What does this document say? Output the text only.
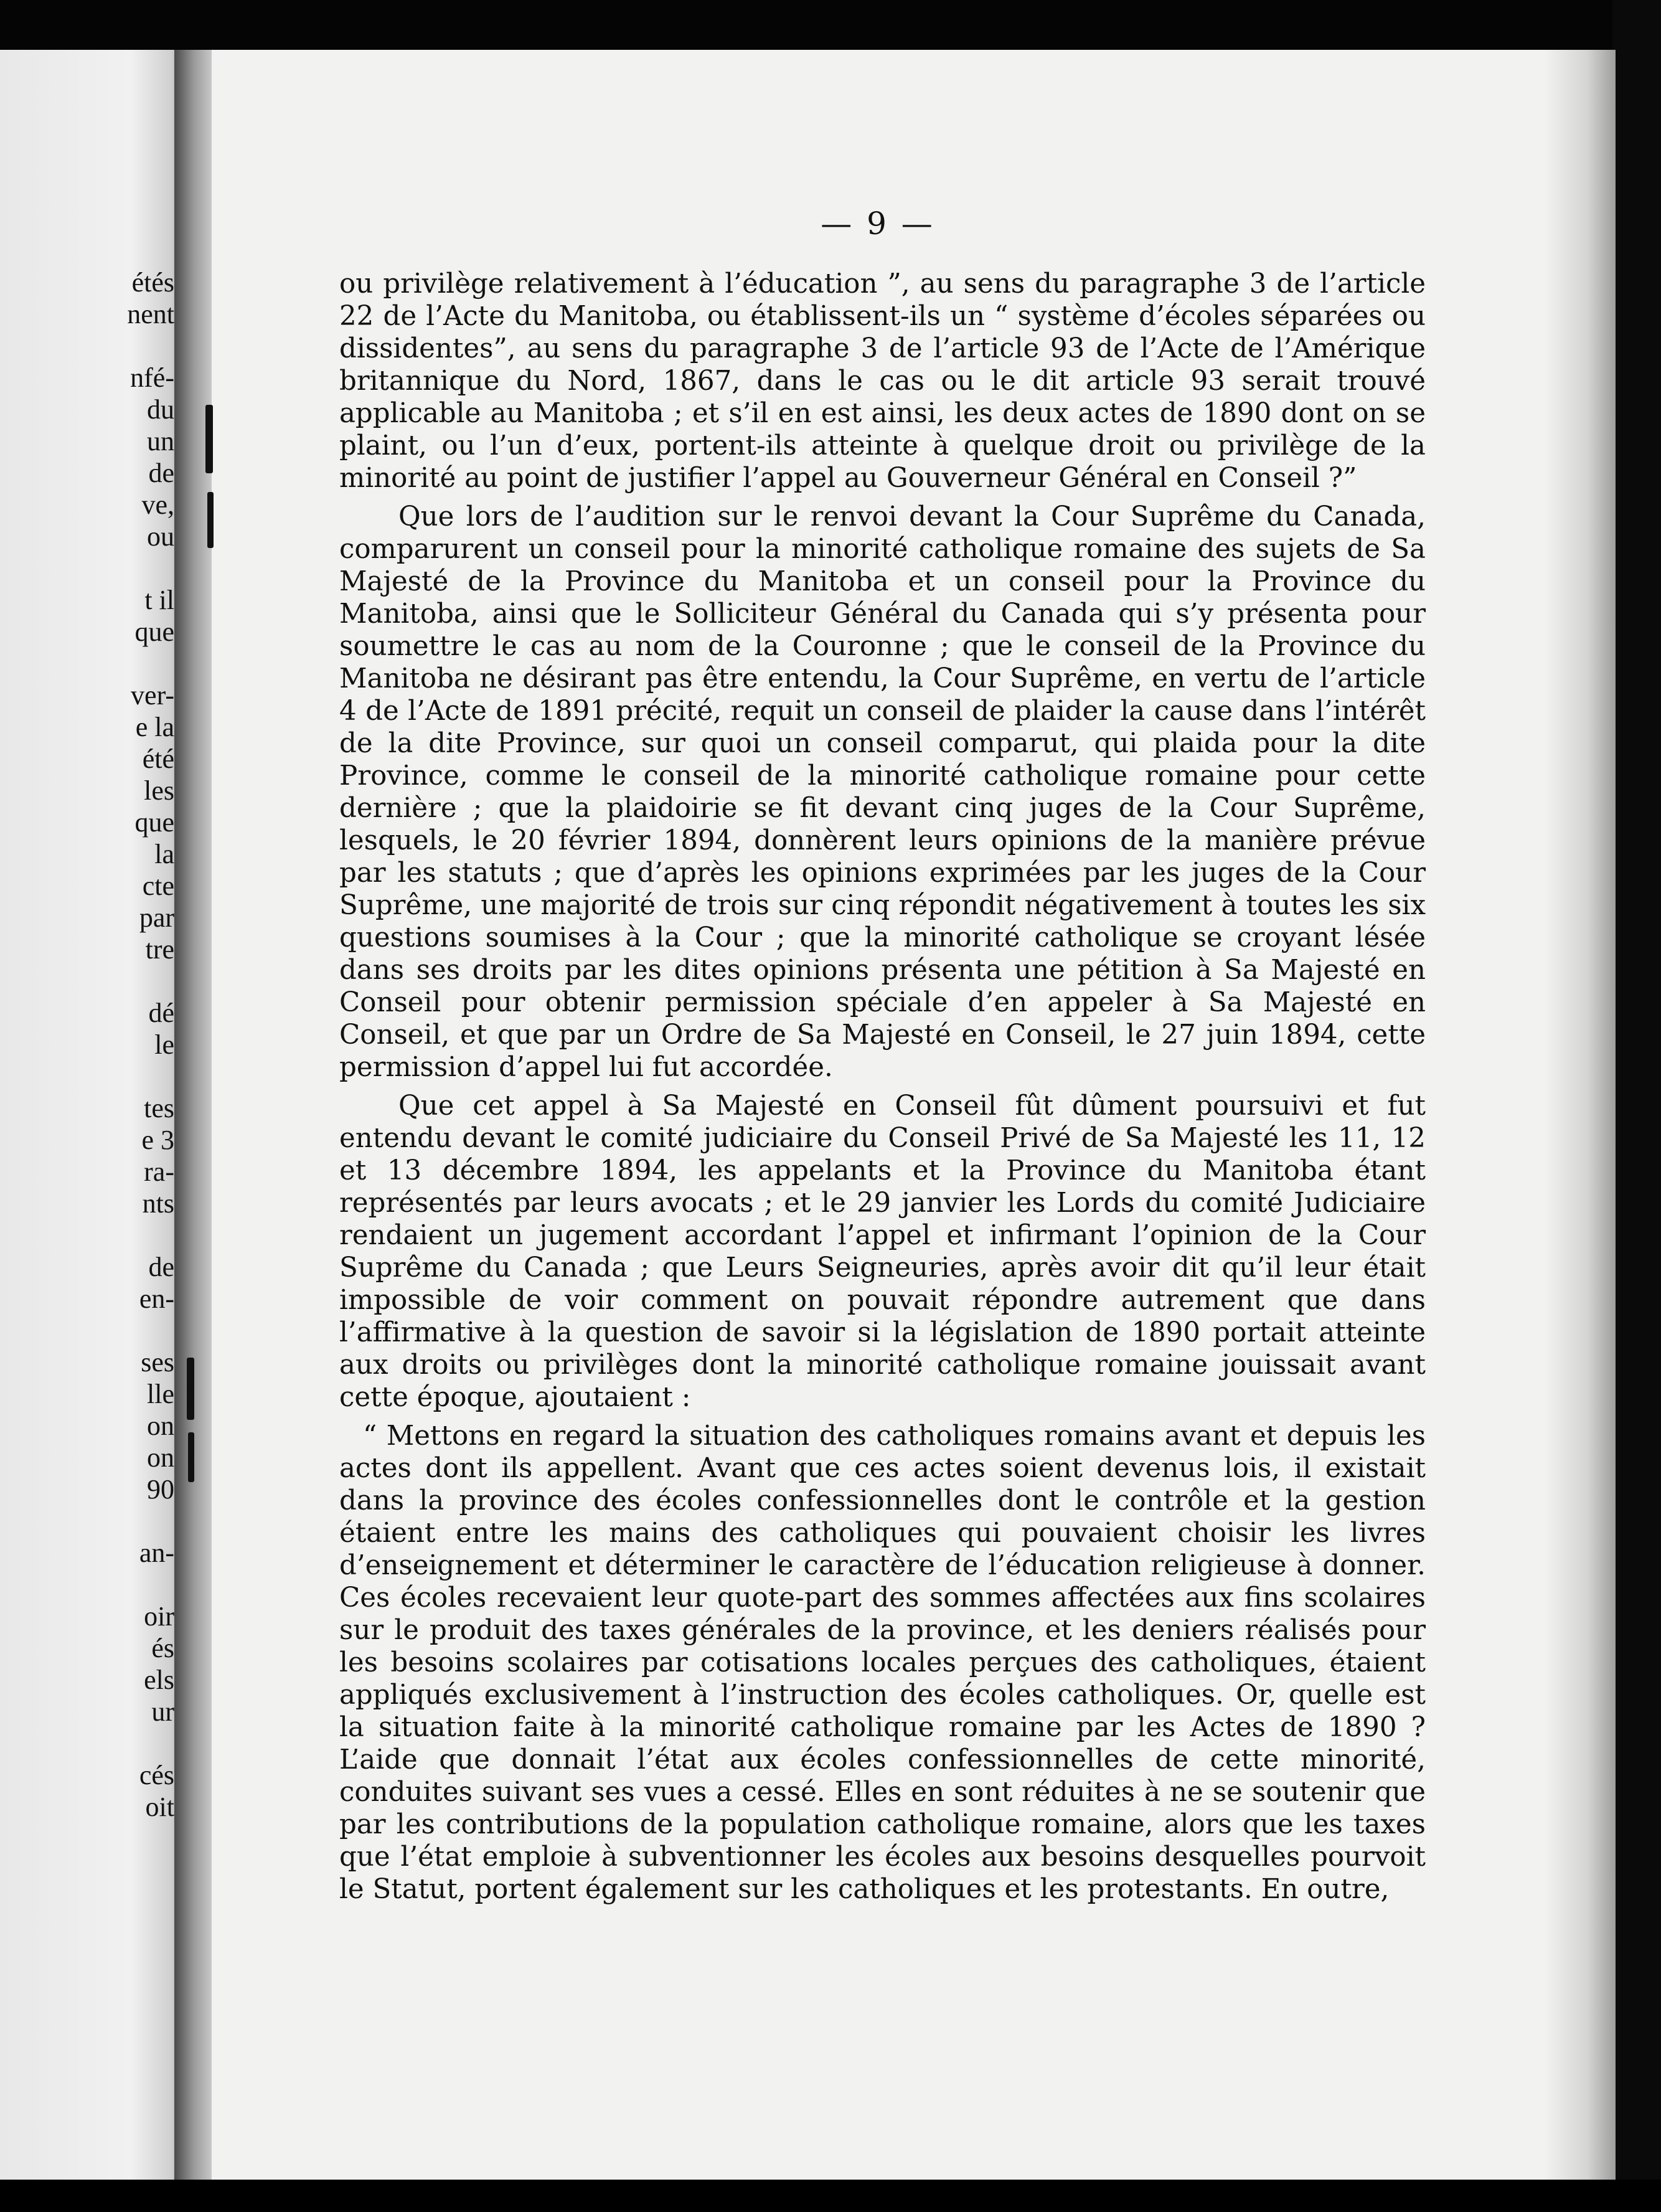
étés
nent
nfé-
du
un
de
ve,
ou
t il
que
ver-
e la
été
les
que
la
cte
par
tre
dé
le
tes
e 3
ra-
nts
de
en-
ses
lle
on
on
90
an-
oir
és
els
ur
cés
oit
— 9 —

ou privilège relativement à l’éducation ”, au sens du paragraphe 3 de l’article 22 de l’Acte du Manitoba, ou établissent-ils un “ système d’écoles séparées ou dissidentes”, au sens du paragraphe 3 de l’article 93 de l’Acte de l’Amérique britannique du Nord, 1867, dans le cas ou le dit article 93 serait trouvé applicable au Manitoba ; et s’il en est ainsi, les deux actes de 1890 dont on se plaint, ou l’un d’eux, portent-ils atteinte à quelque droit ou privilège de la minorité au point de justifier l’appel au Gouverneur Général en Conseil ?”

Que lors de l’audition sur le renvoi devant la Cour Suprême du Canada, comparurent un conseil pour la minorité catholique romaine des sujets de Sa Majesté de la Province du Manitoba et un conseil pour la Province du Manitoba, ainsi que le Solliciteur Général du Canada qui s’y présenta pour soumettre le cas au nom de la Couronne ; que le conseil de la Province du Manitoba ne désirant pas être entendu, la Cour Suprême, en vertu de l’article 4 de l’Acte de 1891 précité, requit un conseil de plaider la cause dans l’intérêt de la dite Province, sur quoi un conseil comparut, qui plaida pour la dite Province, comme le conseil de la minorité catholique romaine pour cette dernière ; que la plaidoirie se fit devant cinq juges de la Cour Suprême, lesquels, le 20 février 1894, donnèrent leurs opinions de la manière prévue par les statuts ; que d’après les opinions exprimées par les juges de la Cour Suprême, une majorité de trois sur cinq répondit négativement à toutes les six questions soumises à la Cour ; que la minorité catholique se croyant lésée dans ses droits par les dites opinions présenta une pétition à Sa Majesté en Conseil pour obtenir permission spéciale d’en appeler à Sa Majesté en Conseil, et que par un Ordre de Sa Majesté en Conseil, le 27 juin 1894, cette permission d’appel lui fut accordée.

Que cet appel à Sa Majesté en Conseil fût dûment poursuivi et fut entendu devant le comité judiciaire du Conseil Privé de Sa Majesté les 11, 12 et 13 décembre 1894, les appelants et la Province du Manitoba étant représentés par leurs avocats ; et le 29 janvier les Lords du comité Judiciaire rendaient un jugement accordant l’appel et infirmant l’opinion de la Cour Suprême du Canada ; que Leurs Seigneuries, après avoir dit qu’il leur était impossible de voir comment on pouvait répondre autrement que dans l’affirmative à la question de savoir si la législation de 1890 portait atteinte aux droits ou privilèges dont la minorité catholique romaine jouissait avant cette époque, ajoutaient :

“ Mettons en regard la situation des catholiques romains avant et depuis les actes dont ils appellent. Avant que ces actes soient devenus lois, il existait dans la province des écoles confessionnelles dont le contrôle et la gestion étaient entre les mains des catholiques qui pouvaient choisir les livres d’enseignement et déterminer le caractère de l’éducation religieuse à donner. Ces écoles recevaient leur quote-part des sommes affectées aux fins scolaires sur le produit des taxes générales de la province, et les deniers réalisés pour les besoins scolaires par cotisations locales perçues des catholiques, étaient appliqués exclusivement à l’instruction des écoles catholiques. Or, quelle est la situation faite à la minorité catholique romaine par les Actes de 1890 ? L’aide que donnait l’état aux écoles confessionnelles de cette minorité, conduites suivant ses vues a cessé. Elles en sont réduites à ne se soutenir que par les contributions de la population catholique romaine, alors que les taxes que l’état emploie à subventionner les écoles aux besoins desquelles pourvoit le Statut, portent également sur les catholiques et les protestants. En outre,
